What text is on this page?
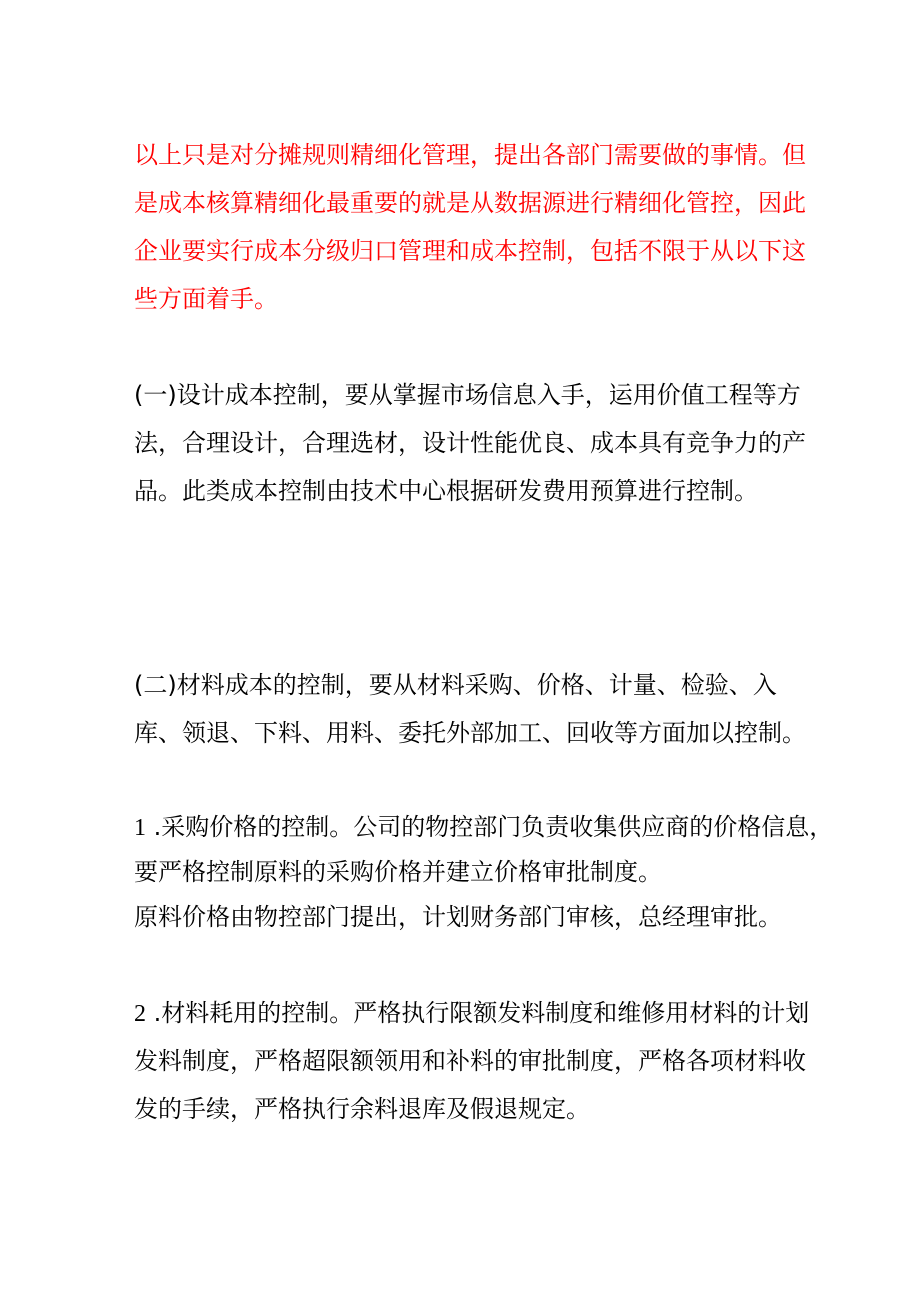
以上只是对分摊规则精细化管理，提出各部门需要做的事情。但
是成本核算精细化最重要的就是从数据源进行精细化管控，因此
企业要实行成本分级归口管理和成本控制，包括不限于从以下这
些方面着手。

(一)设计成本控制，要从掌握市场信息入手，运用价值工程等方
法，合理设计，合理选材，设计性能优良、成本具有竞争力的产
品。此类成本控制由技术中心根据研发费用预算进行控制。

(二)材料成本的控制，要从材料采购、价格、计量、检验、入
库、领退、下料、用料、委托外部加工、回收等方面加以控制。

1 .采购价格的控制。公司的物控部门负责收集供应商的价格信息，
要严格控制原料的采购价格并建立价格审批制度。
原料价格由物控部门提出，计划财务部门审核，总经理审批。

2 .材料耗用的控制。严格执行限额发料制度和维修用材料的计划
发料制度，严格超限额领用和补料的审批制度，严格各项材料收
发的手续，严格执行余料退库及假退规定。
